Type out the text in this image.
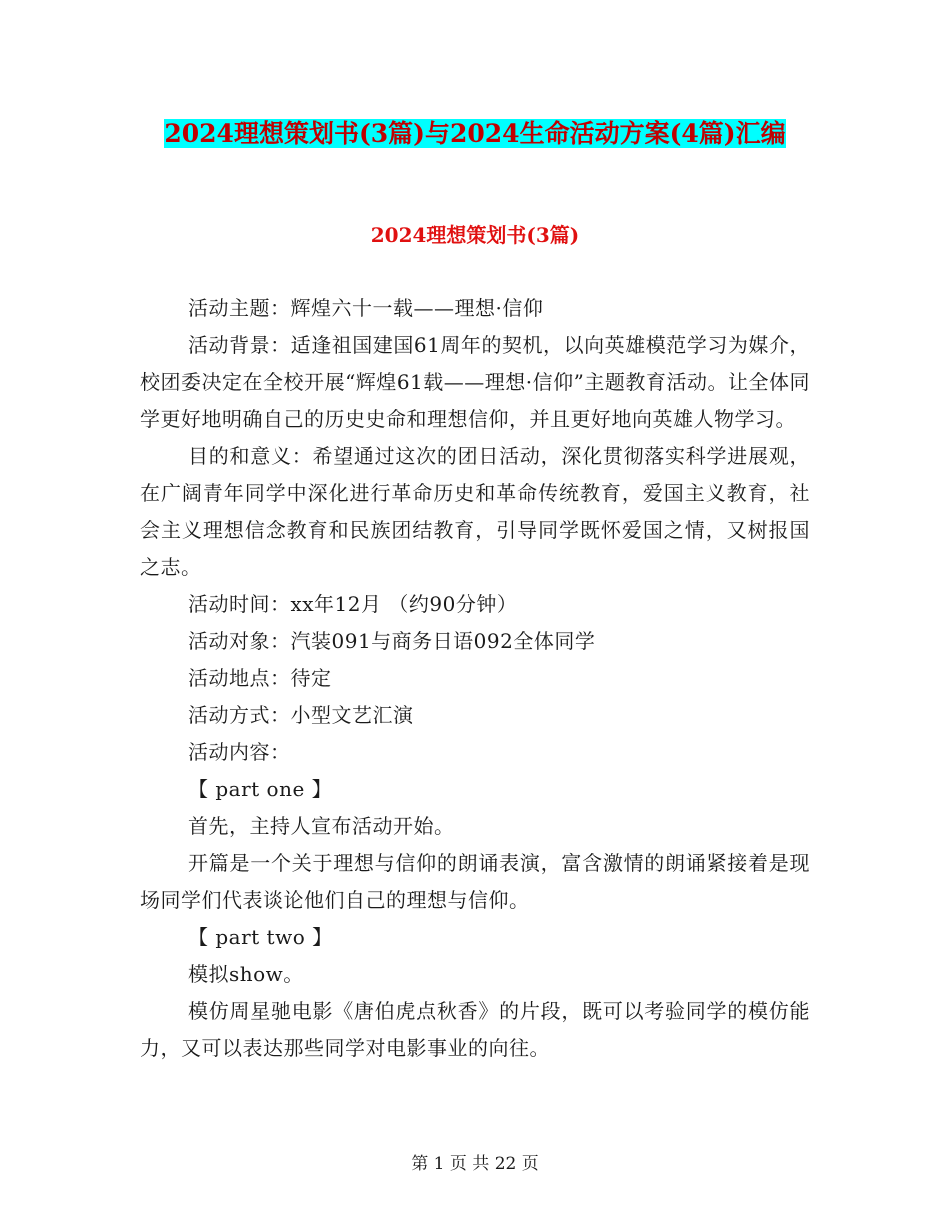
2024理想策划书(3篇)与2024生命活动方案(4篇)汇编
2024理想策划书(3篇)

活动主题：辉煌六十一载——理想·信仰

活动背景：适逢祖国建国61周年的契机，以向英雄模范学习为媒介，校团委决定在全校开展“辉煌61载——理想·信仰”主题教育活动。让全体同学更好地明确自己的历史史命和理想信仰，并且更好地向英雄人物学习。

目的和意义：希望通过这次的团日活动，深化贯彻落实科学进展观，在广阔青年同学中深化进行革命历史和革命传统教育，爱国主义教育，社会主义理想信念教育和民族团结教育，引导同学既怀爱国之情，又树报国之志。

活动时间：xx年12月 （约90分钟）

活动对象：汽装091与商务日语092全体同学

活动地点：待定

活动方式：小型文艺汇演

活动内容：

【 part one 】

首先，主持人宣布活动开始。

开篇是一个关于理想与信仰的朗诵表演，富含激情的朗诵紧接着是现场同学们代表谈论他们自己的理想与信仰。

【 part two 】

模拟show。

模仿周星驰电影《唐伯虎点秋香》的片段，既可以考验同学的模仿能力，又可以表达那些同学对电影事业的向往。

第 1 页 共 22 页
